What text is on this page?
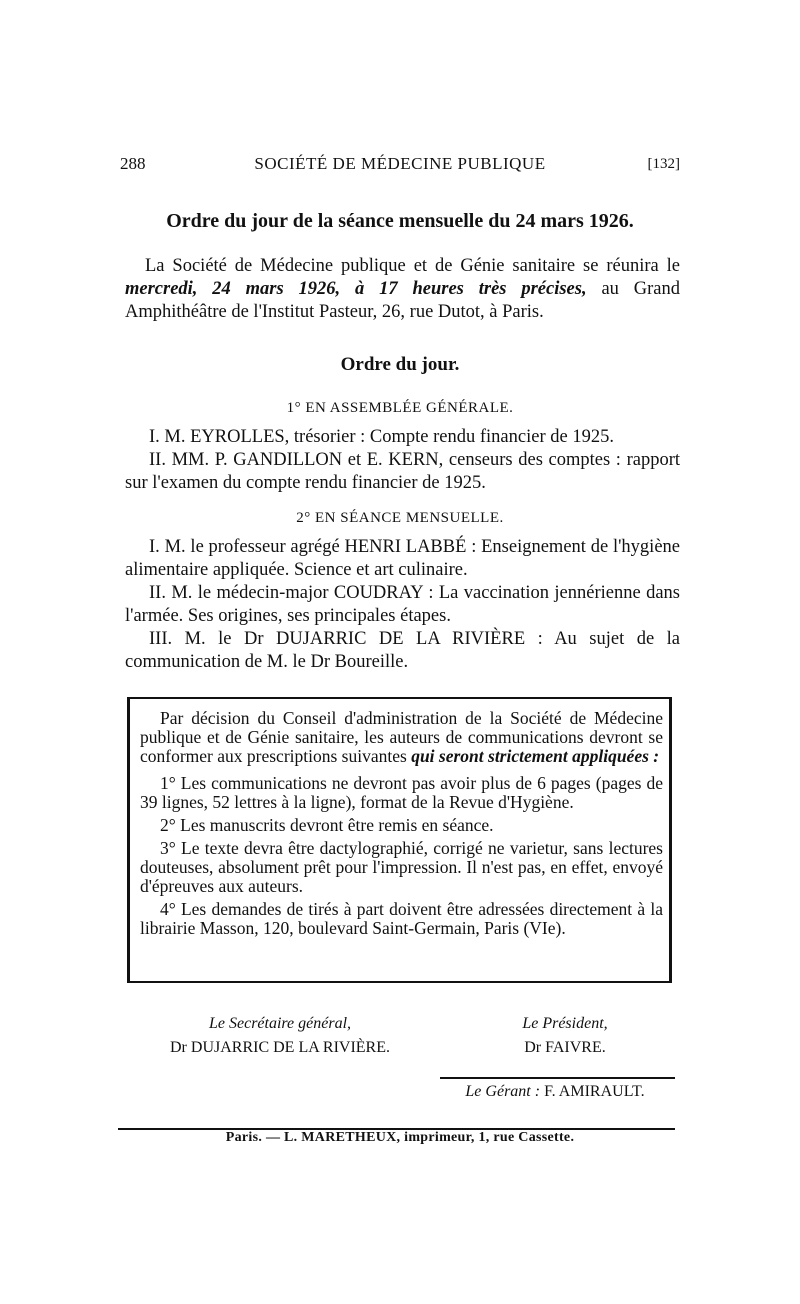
288	SOCIÉTÉ DE MÉDECINE PUBLIQUE	[132]
Ordre du jour de la séance mensuelle du 24 mars 1926.
La Société de Médecine publique et de Génie sanitaire se réunira le mercredi, 24 mars 1926, à 17 heures très précises, au Grand Amphithéâtre de l'Institut Pasteur, 26, rue Dutot, à Paris.
Ordre du jour.
1° EN ASSEMBLÉE GÉNÉRALE.

I. M. EYROLLES, trésorier : Compte rendu financier de 1925.

II. MM. P. GANDILLON et E. KERN, censeurs des comptes : rapport sur l'examen du compte rendu financier de 1925.

2° EN SÉANCE MENSUELLE.

I. M. le professeur agrégé HENRI LABBÉ : Enseignement de l'hygiène alimentaire appliquée. Science et art culinaire.

II. M. le médecin-major COUDRAY : La vaccination jennérienne dans l'armée. Ses origines, ses principales étapes.

III. M. le Dr DUJARRIC DE LA RIVIÈRE : Au sujet de la communication de M. le Dr Boureille.

Par décision du Conseil d'administration de la Société de Médecine publique et de Génie sanitaire, les auteurs de communications devront se conformer aux prescriptions suivantes qui seront strictement appliquées :

1° Les communications ne devront pas avoir plus de 6 pages (pages de 39 lignes, 52 lettres à la ligne), format de la Revue d'Hygiène.

2° Les manuscrits devront être remis en séance.

3° Le texte devra être dactylographié, corrigé ne varietur, sans lectures douteuses, absolument prêt pour l'impression. Il n'est pas, en effet, envoyé d'épreuves aux auteurs.

4° Les demandes de tirés à part doivent être adressées directement à la librairie Masson, 120, boulevard Saint-Germain, Paris (VIe).

Le Secrétaire général,
Dr DUJARRIC DE LA RIVIÈRE.
Le Président,
Dr FAIVRE.
Le Gérant : F. AMIRAULT.
Paris. — L. MARETHEUX, imprimeur, 1, rue Cassette.
